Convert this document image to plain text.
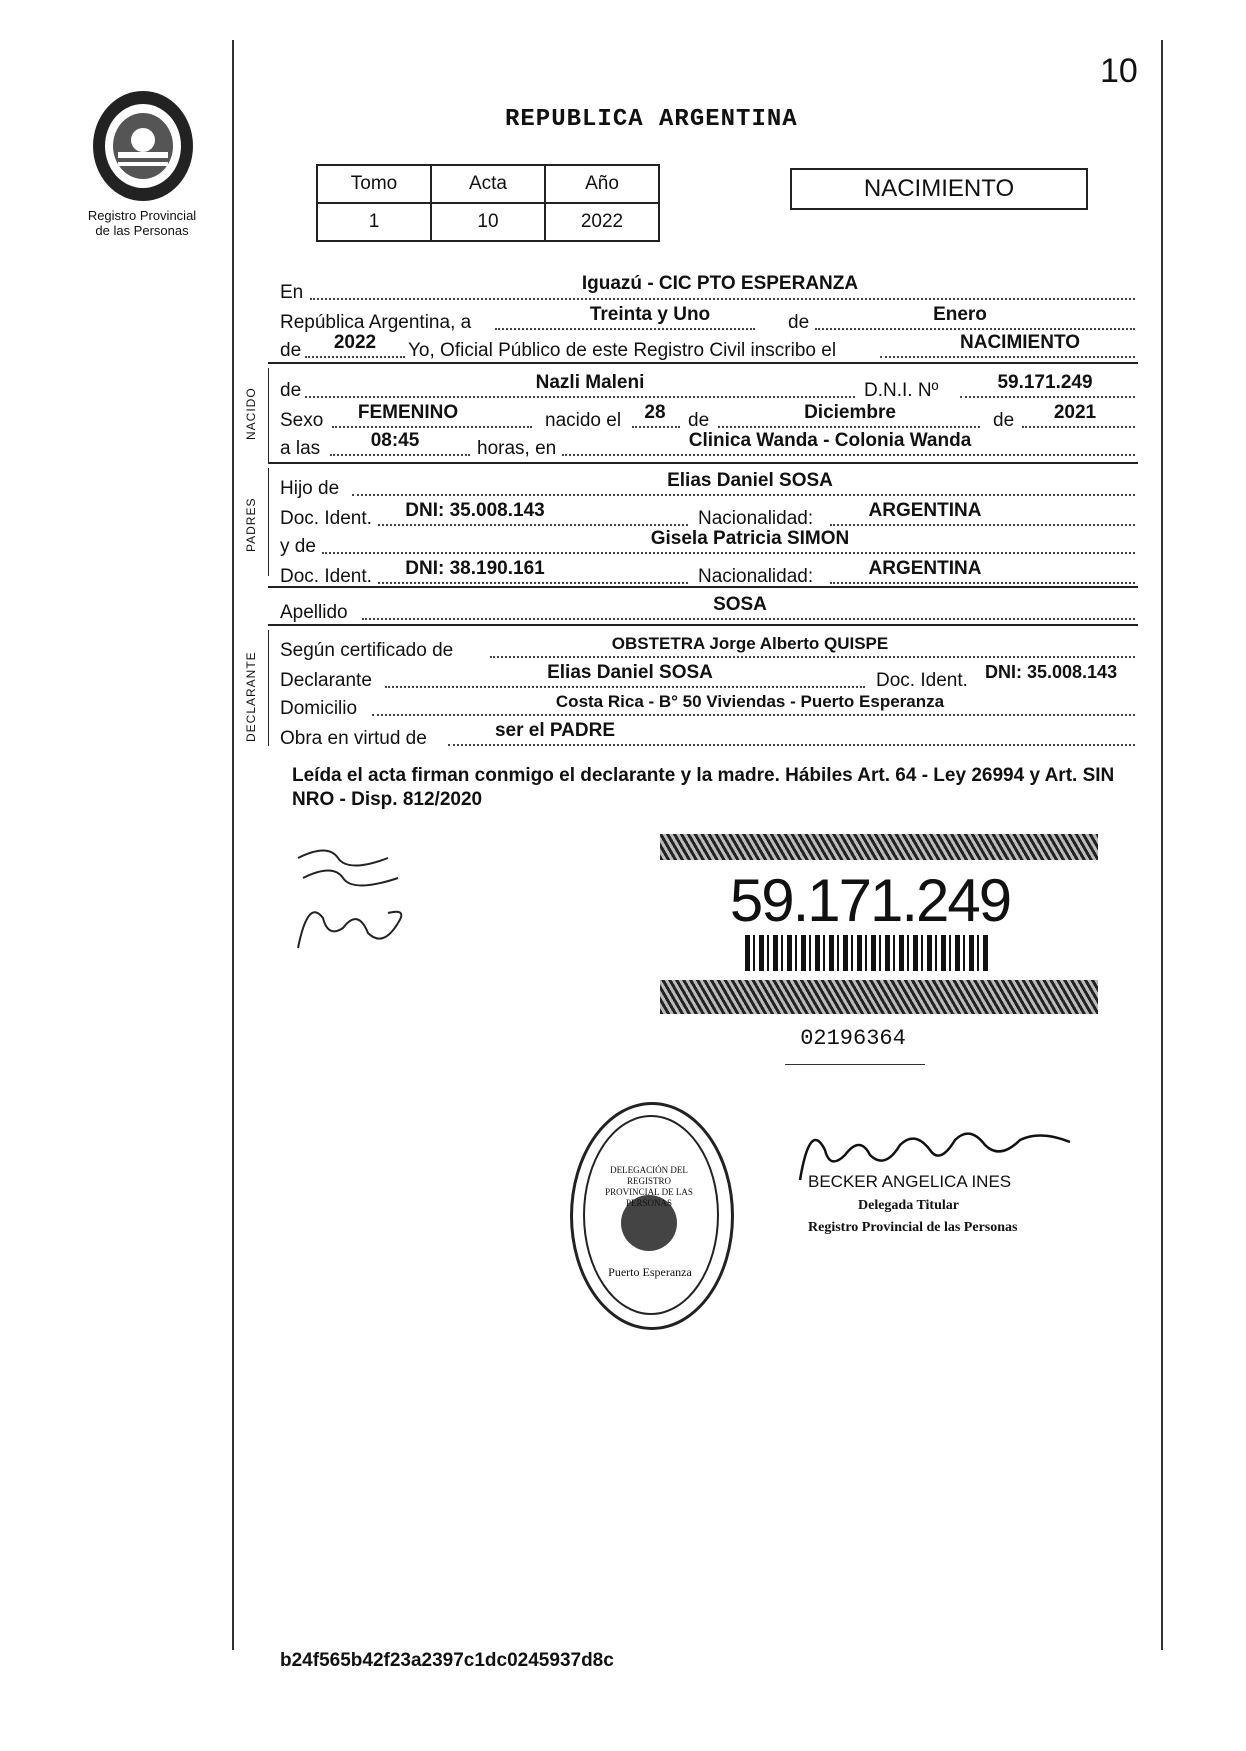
10
Registro Provincial
de las Personas
REPUBLICA ARGENTINA
Tomo	Acta	Año
1	10	2022
NACIMIENTO
En	Iguazú - CIC PTO ESPERANZA
República Argentina, a	Treinta y Uno	de	Enero
de	2022	Yo, Oficial Público de este Registro Civil inscribo el	NACIMIENTO
NACIDO de	Nazli Maleni	D.N.I. Nº	59.171.249
Sexo	FEMENINO	nacido el 28 de	Diciembre	de	2021
a las	08:45	horas, en	Clinica Wanda - Colonia Wanda
PADRES
Hijo de	Elias Daniel SOSA
Doc. Ident.	DNI: 35.008.143	Nacionalidad:	ARGENTINA
y de	Gisela Patricia SIMON
Doc. Ident.	DNI: 38.190.161	Nacionalidad:	ARGENTINA
Apellido	SOSA
DECLARANTE
Según certificado de	OBSTETRA Jorge Alberto QUISPE
Declarante	Elias Daniel SOSA	Doc. Ident. DNI: 35.008.143
Domicilio	Costa Rica - B° 50 Viviendas - Puerto Esperanza
Obra en virtud de	ser el PADRE
Leída el acta firman conmigo el declarante y la madre. Hábiles Art. 64 - Ley 26994 y Art. SIN NRO - Disp. 812/2020
59.171.249
02196364
DELEGACIÓN DEL REGISTRO PROVINCIAL DE LAS PERSONAS
Puerto Esperanza
BECKER ANGELICA INES
Delegada Titular
Registro Provincial de las Personas
b24f565b42f23a2397c1dc0245937d8c
